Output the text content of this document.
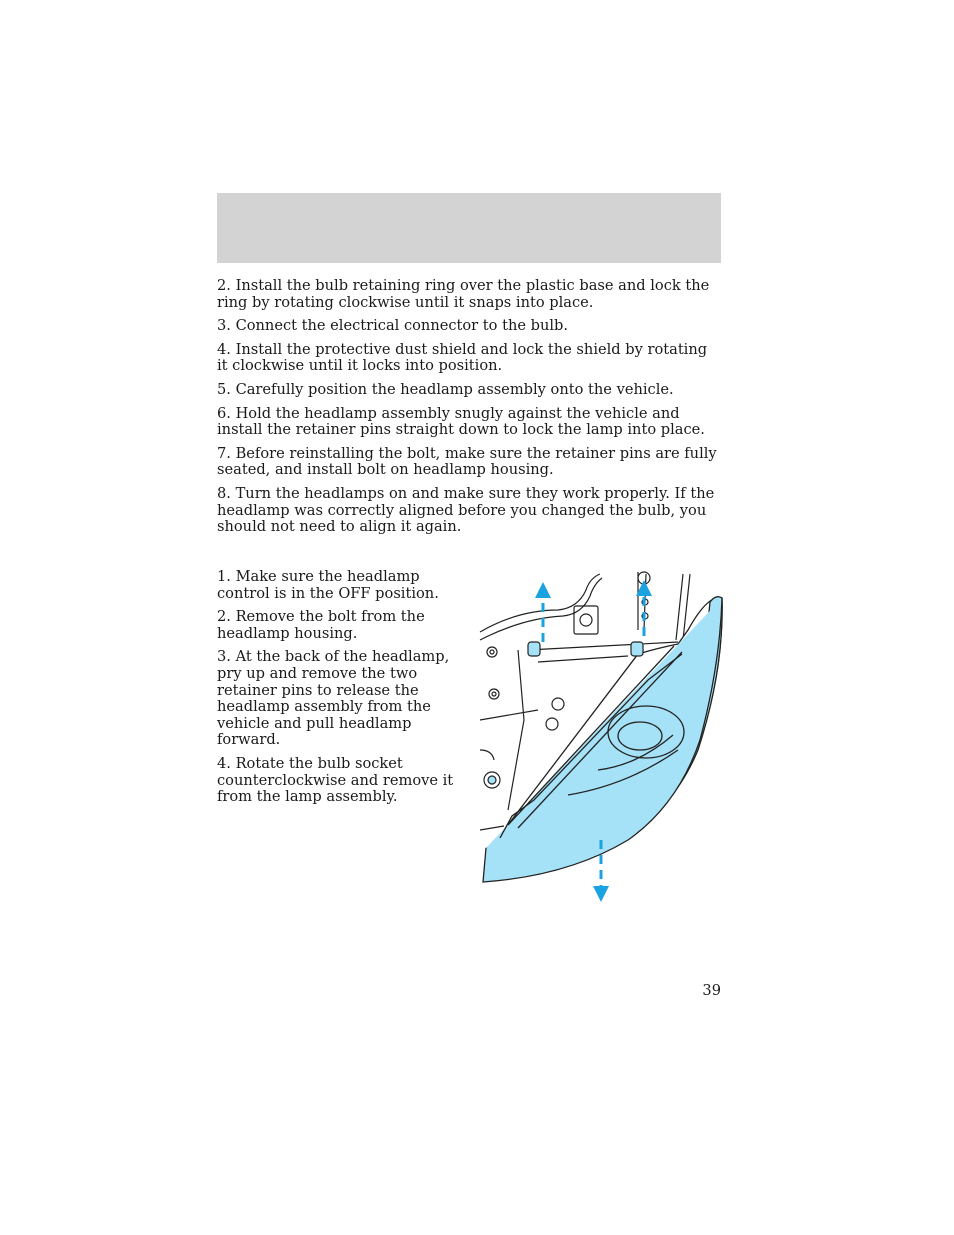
2. Install the bulb retaining ring over the plastic base and lock the ring by rotating clockwise until it snaps into place.

3. Connect the electrical connector to the bulb.

4. Install the protective dust shield and lock the shield by rotating it clockwise until it locks into position.

5. Carefully position the headlamp assembly onto the vehicle.

6. Hold the headlamp assembly snugly against the vehicle and install the retainer pins straight down to lock the lamp into place.

7. Before reinstalling the bolt, make sure the retainer pins are fully seated, and install bolt on headlamp housing.

8. Turn the headlamps on and make sure they work properly. If the headlamp was correctly aligned before you changed the bulb, you should not need to align it again.

1. Make sure the headlamp control is in the OFF position.

2. Remove the bolt from the headlamp housing.

3. At the back of the headlamp, pry up and remove the two retainer pins to release the headlamp assembly from the vehicle and pull headlamp forward.

4. Rotate the bulb socket counterclockwise and remove it from the lamp assembly.

39
